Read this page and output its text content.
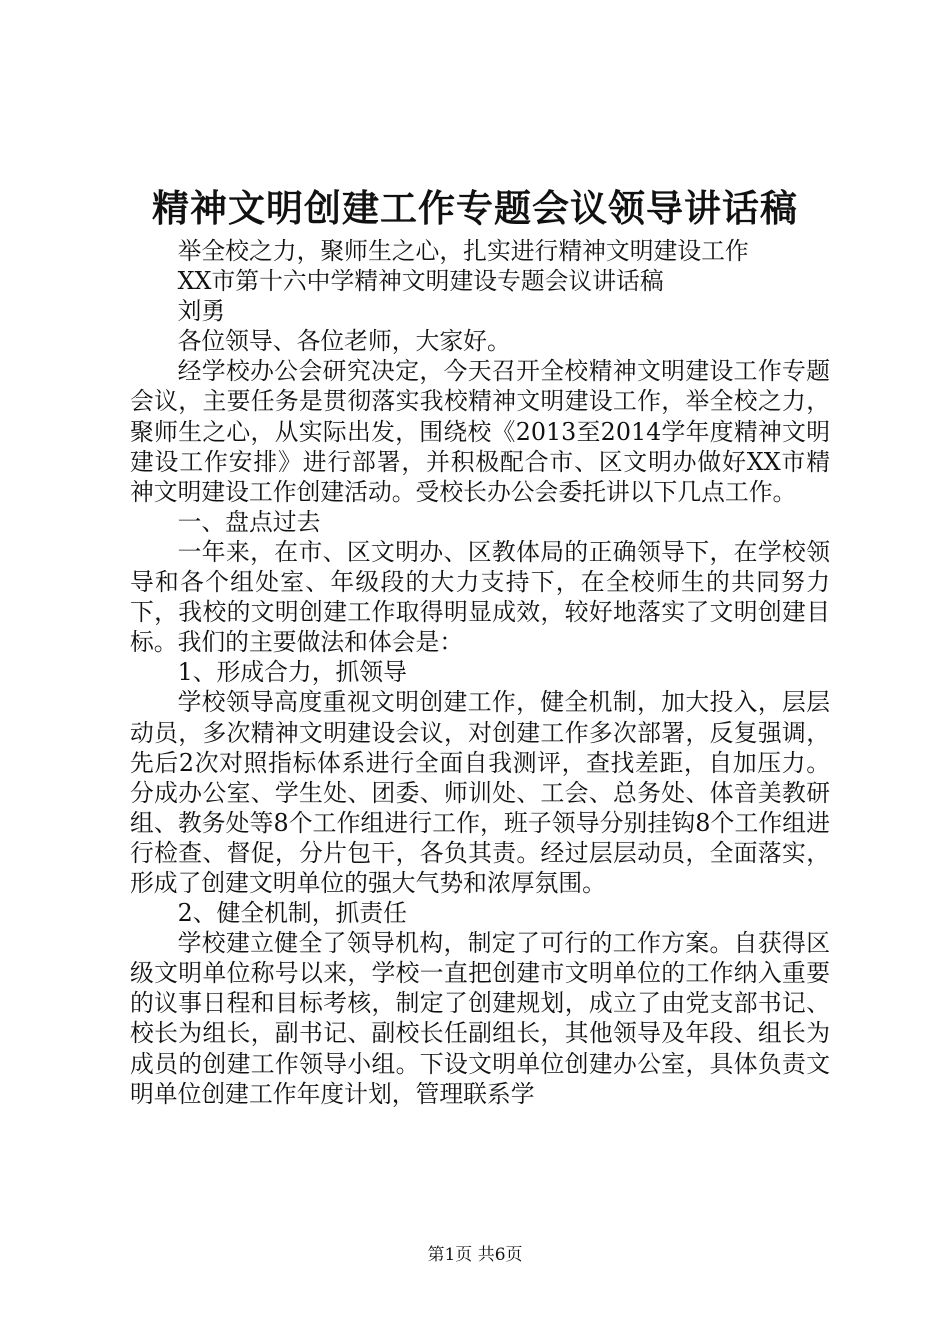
精神文明创建工作专题会议领导讲话稿

举全校之力，聚师生之心，扎实进行精神文明建设工作

XX市第十六中学精神文明建设专题会议讲话稿

刘勇

各位领导、各位老师，大家好。

经学校办公会研究决定，今天召开全校精神文明建设工作专题会议，主要任务是贯彻落实我校精神文明建设工作，举全校之力，聚师生之心，从实际出发，围绕校《2013至2014学年度精神文明建设工作安排》进行部署，并积极配合市、区文明办做好XX市精神文明建设工作创建活动。受校长办公会委托讲以下几点工作。

一、盘点过去

一年来，在市、区文明办、区教体局的正确领导下，在学校领导和各个组处室、年级段的大力支持下，在全校师生的共同努力下，我校的文明创建工作取得明显成效，较好地落实了文明创建目标。我们的主要做法和体会是：

1、形成合力，抓领导

学校领导高度重视文明创建工作，健全机制，加大投入，层层动员，多次精神文明建设会议，对创建工作多次部署，反复强调，先后2次对照指标体系进行全面自我测评，查找差距，自加压力。分成办公室、学生处、团委、师训处、工会、总务处、体音美教研组、教务处等8个工作组进行工作，班子领导分别挂钩8个工作组进行检查、督促，分片包干，各负其责。经过层层动员，全面落实，形成了创建文明单位的强大气势和浓厚氛围。

2、健全机制，抓责任

学校建立健全了领导机构，制定了可行的工作方案。自获得区级文明单位称号以来，学校一直把创建市文明单位的工作纳入重要的议事日程和目标考核，制定了创建规划，成立了由党支部书记、校长为组长，副书记、副校长任副组长，其他领导及年段、组长为成员的创建工作领导小组。下设文明单位创建办公室，具体负责文明单位创建工作年度计划，管理联系学

第1页 共6页
